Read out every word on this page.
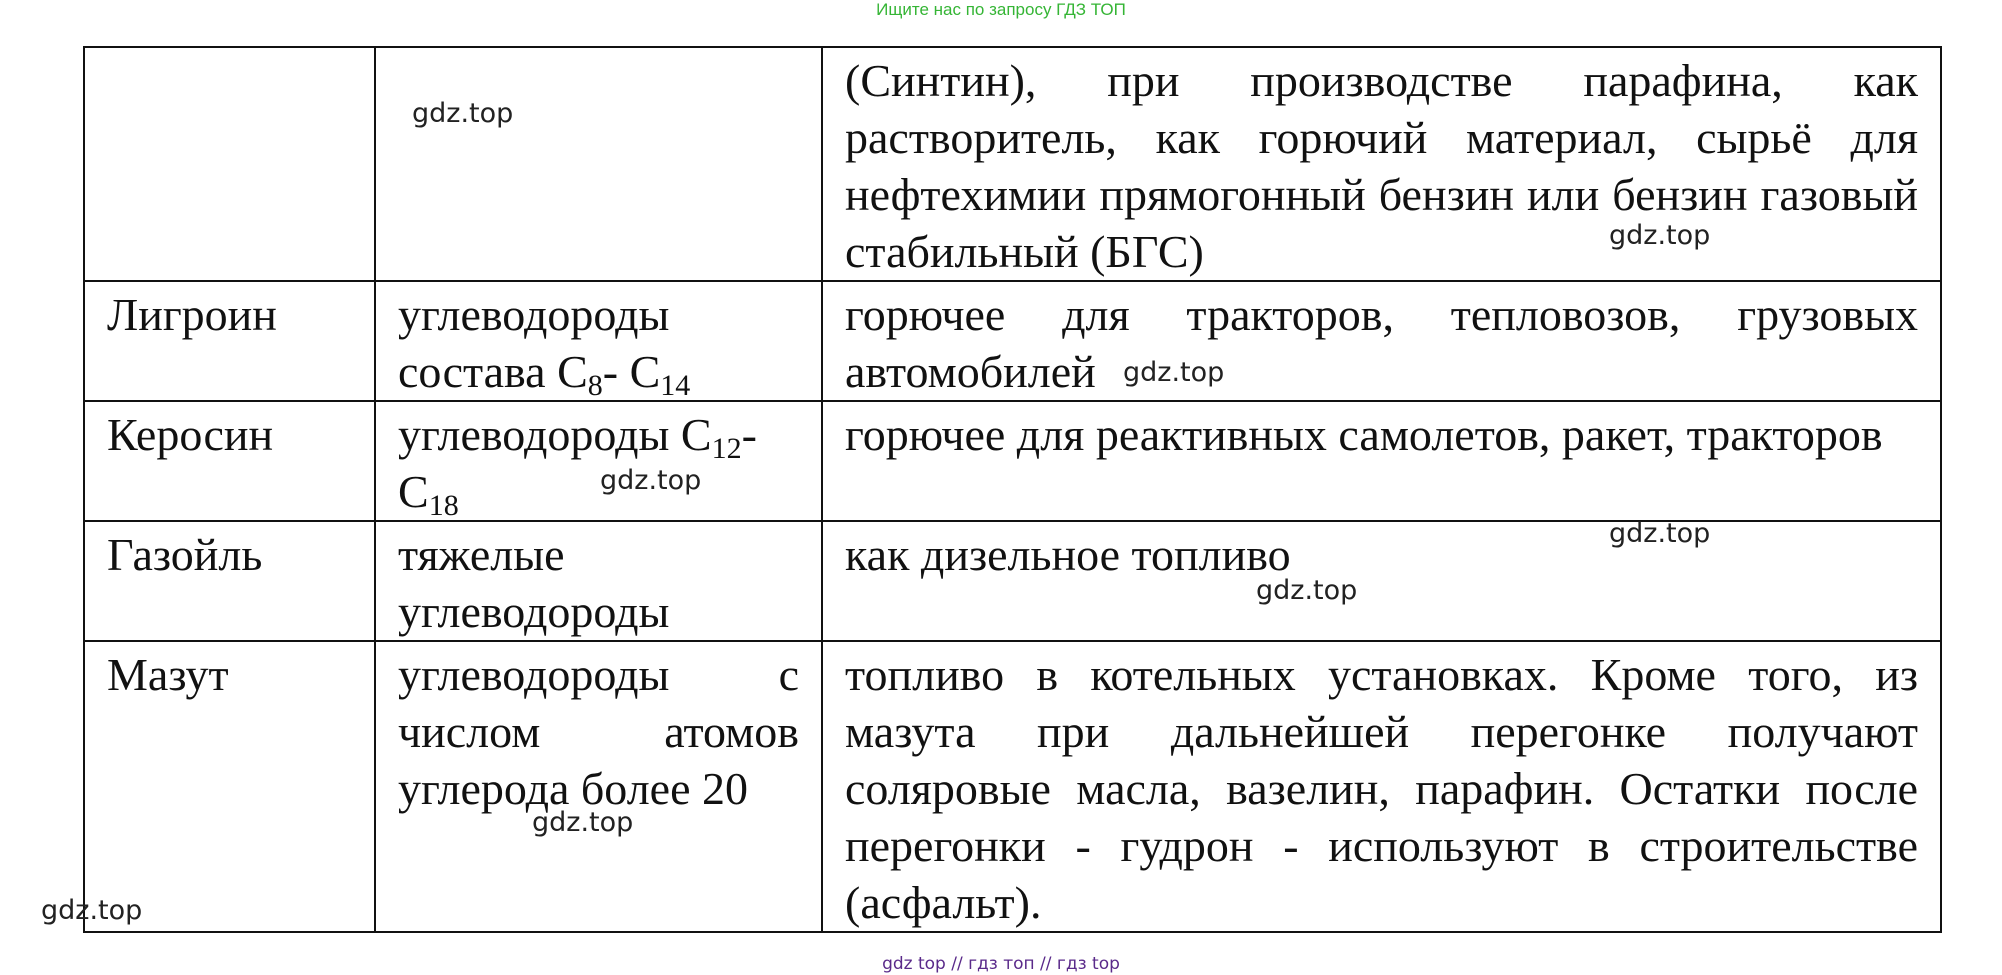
Ищите нас по запросу ГДЗ ТОП
		(Синтин), при производстве парафина, как растворитель, как горючий материал, сырьё для нефтехимии прямогонный бензин или бензин газовый стабильный (БГС)
Лигроин	углеводороды состава $C_8-$ $C_{14}$	горючее для тракторов, тепловозов, грузовых автомобилей
Керосин	углеводороды $C_{12}-$ $C_{18}$	горючее для реактивных самолетов, ракет, тракторов
Газойль	тяжелые углеводороды	как дизельное топливо
Мазут	углеводороды с числом атомов углерода более 20	топливо в котельных установках. Кроме того, из мазута при дальнейшей перегонке получают соляровые масла, вазелин, парафин. Остатки после перегонки - гудрон - используют в строительстве (асфальт).
gdz.top
gdz.top
gdz.top
gdz.top
gdz.top
gdz.top
gdz.top
gdz.top
gdz top // гдз топ // гдз top
